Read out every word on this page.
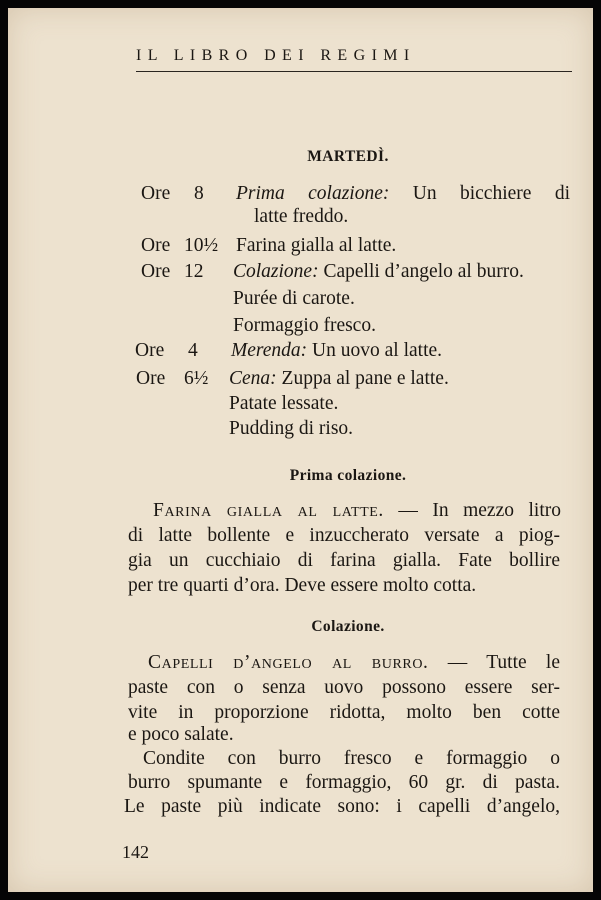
IL LIBRO DEI REGIMI
MARTEDÌ.
Ore 8 Prima colazione: Un bicchiere di
latte freddo.
Ore 10½ Farina gialla al latte.
Ore 12 Colazione: Capelli d’angelo al burro.
Purée di carote.
Formaggio fresco.
Ore 4 Merenda: Un uovo al latte.
Ore 6½ Cena: Zuppa al pane e latte.
Patate lessate.
Pudding di riso.
Prima colazione.
Farina gialla al latte. — In mezzo litro
di latte bollente e inzuccherato versate a piog-
gia un cucchiaio di farina gialla. Fate bollire
per tre quarti d’ora. Deve essere molto cotta.
Colazione.
Capelli d’angelo al burro. — Tutte le
paste con o senza uovo possono essere ser-
vite in proporzione ridotta, molto ben cotte
e poco salate.
Condite con burro fresco e formaggio o
burro spumante e formaggio, 60 gr. di pasta.
Le paste più indicate sono: i capelli d’angelo,
142
